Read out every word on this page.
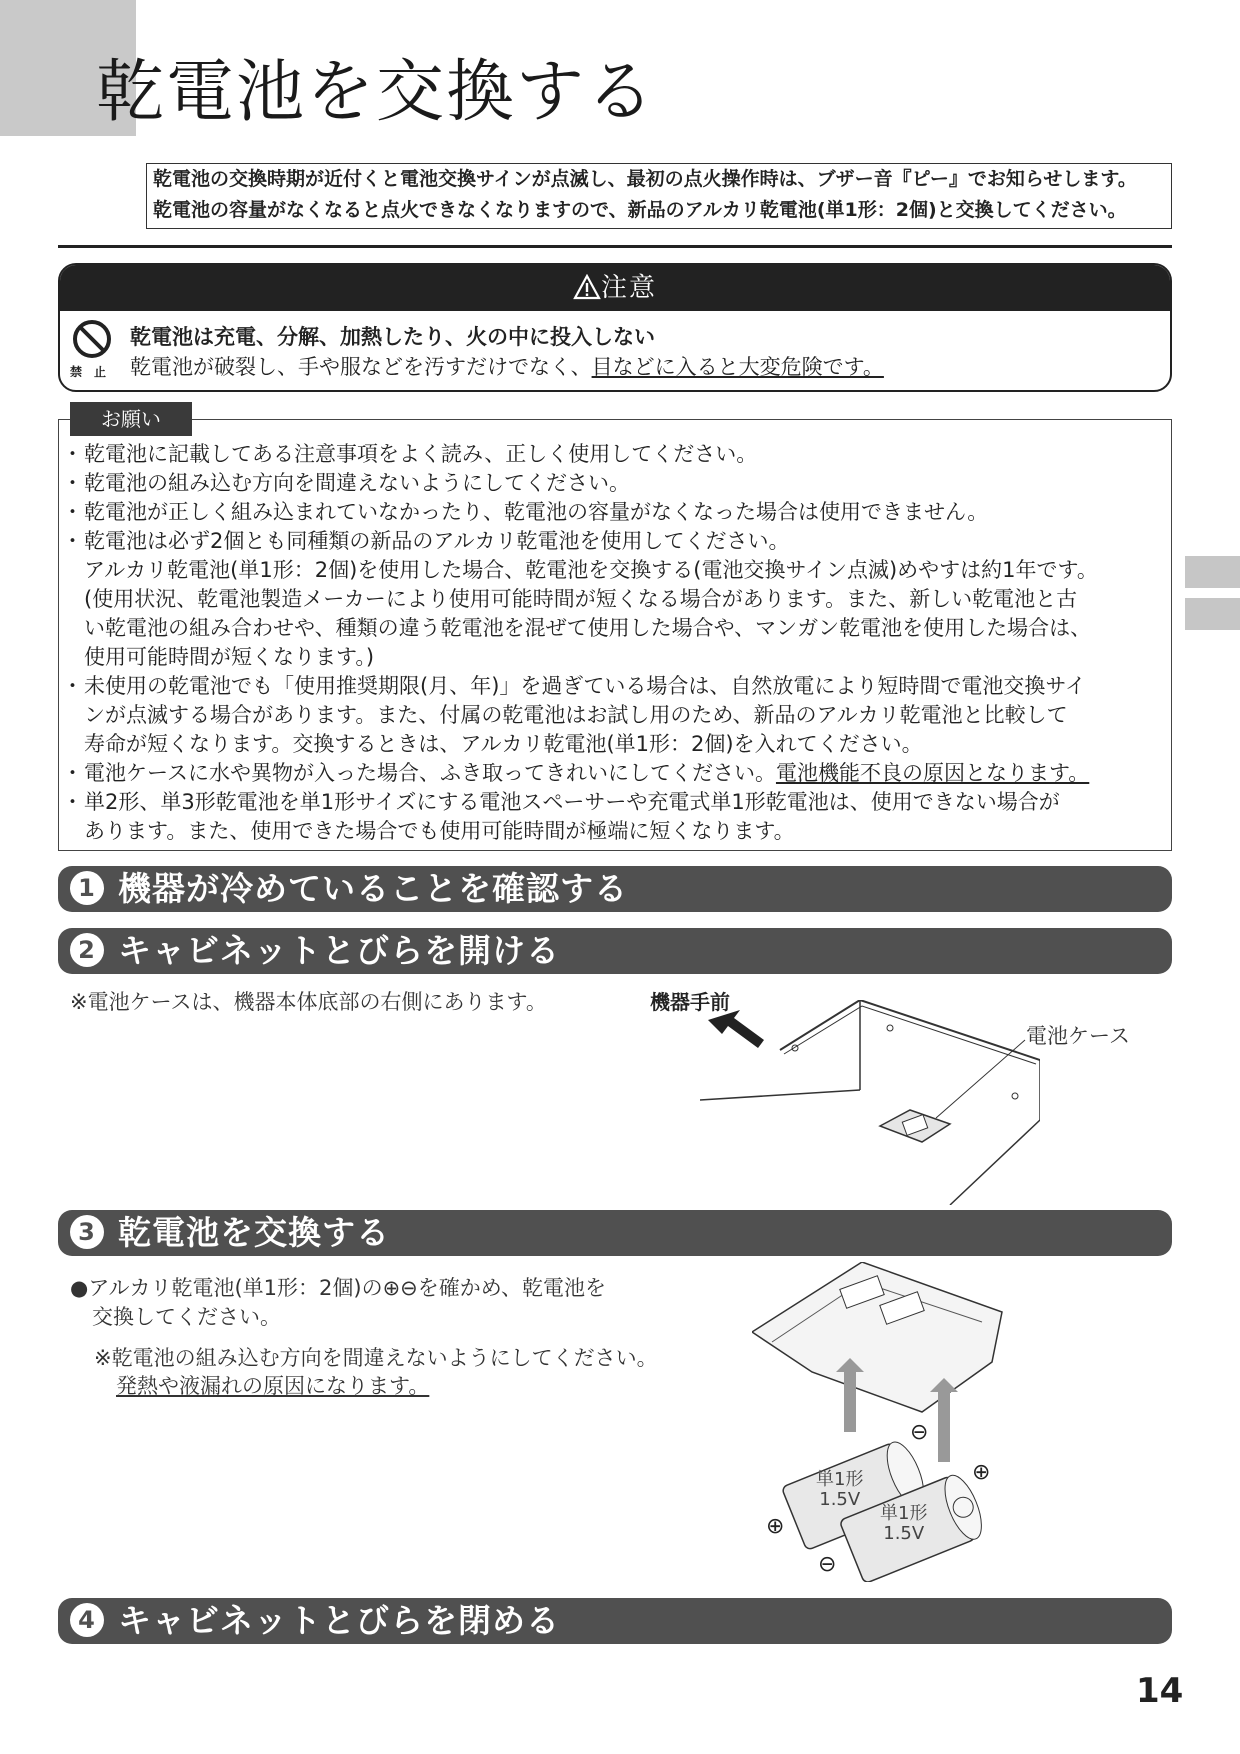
乾電池を交換する
乾電池の交換時期が近付くと電池交換サインが点滅し、最初の点火操作時は、ブザー音『ピー』でお知らせします。
乾電池の容量がなくなると点火できなくなりますので、新品のアルカリ乾電池(単1形：2個)と交換してください。
注意
禁止
乾電池は充電、分解、加熱したり、火の中に投入しない
乾電池が破裂し、手や服などを汚すだけでなく、目などに入ると大変危険です。
お願い
・ 乾電池に記載してある注意事項をよく読み、正しく使用してください。
・ 乾電池の組み込む方向を間違えないようにしてください。
・ 乾電池が正しく組み込まれていなかったり、乾電池の容量がなくなった場合は使用できません。
・ 乾電池は必ず2個とも同種類の新品のアルカリ乾電池を使用してください。
アルカリ乾電池(単1形：2個)を使用した場合、乾電池を交換する(電池交換サイン点滅)めやすは約1年です。
(使用状況、乾電池製造メーカーにより使用可能時間が短くなる場合があります。また、新しい乾電池と古
い乾電池の組み合わせや、種類の違う乾電池を混ぜて使用した場合や、マンガン乾電池を使用した場合は、
使用可能時間が短くなります。)
・ 未使用の乾電池でも「使用推奨期限(月、年)」を過ぎている場合は、自然放電により短時間で電池交換サイ
ンが点滅する場合があります。また、付属の乾電池はお試し用のため、新品のアルカリ乾電池と比較して
寿命が短くなります。交換するときは、アルカリ乾電池(単1形：2個)を入れてください。
・ 電池ケースに水や異物が入った場合、ふき取ってきれいにしてください。電池機能不良の原因となります。
・ 単2形、単3形乾電池を単1形サイズにする電池スペーサーや充電式単1形乾電池は、使用できない場合が
あります。また、使用できた場合でも使用可能時間が極端に短くなります。
1 機器が冷めていることを確認する
2 キャビネットとびらを開ける
※電池ケースは、機器本体底部の右側にあります。	機器手前
電池ケース
3 乾電池を交換する
●アルカリ乾電池(単1形：2個)の⊕⊖を確かめ、乾電池を
交換してください。
※乾電池の組み込む方向を間違えないようにしてください。
発熱や液漏れの原因になります。
単1形
1.5V
単1形
1.5V
⊖
⊕
⊕
⊖
4 キャビネットとびらを閉める
14
